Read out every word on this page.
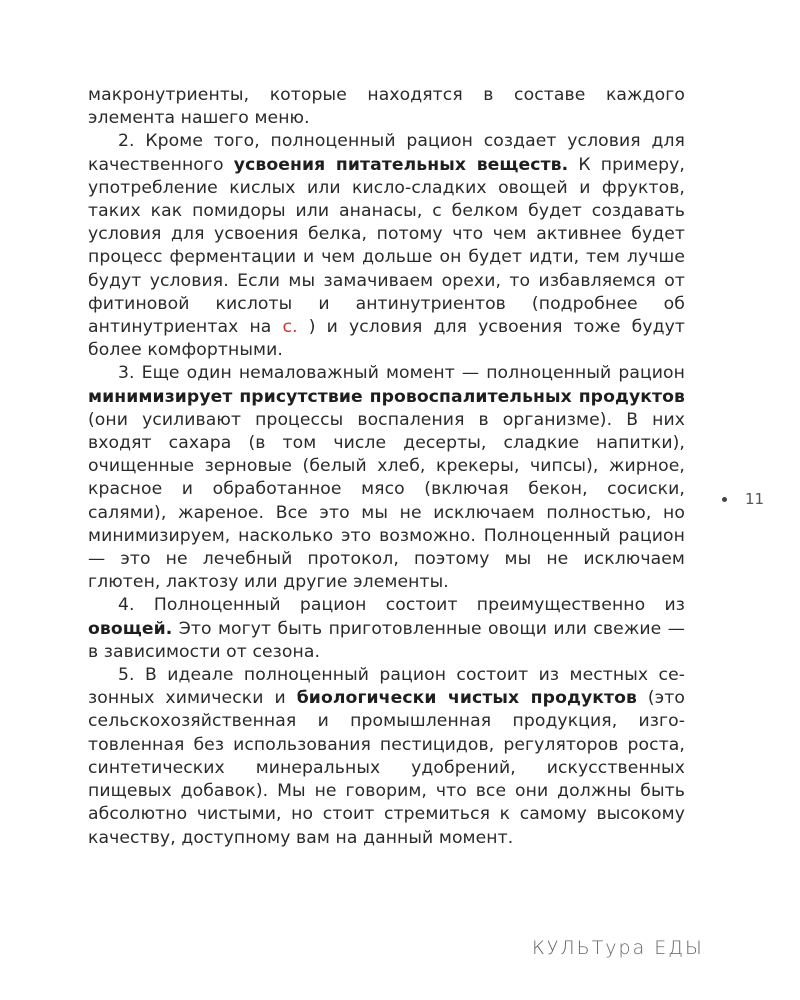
макронутриенты, которые находятся в составе каждого элемента нашего меню.

2. Кроме того, полноценный рацион создает условия для качественного усвоения питательных веществ. К примеру, употребление кислых или кисло-сладких овощей и фруктов, таких как помидоры или ананасы, с белком будет создавать условия для усвоения белка, потому что чем активнее будет процесс ферментации и чем дольше он будет идти, тем лучше будут условия. Если мы замачиваем орехи, то избавляемся от фитиновой кислоты и антинутриентов (подробнее об антинутриентах на с. ) и условия для усвоения тоже будут более комфортными.

3. Еще один немаловажный момент — полноценный рацион минимизирует присутствие провоспалительных продуктов (они усиливают процессы воспаления в организме). В них входят сахара (в том числе десерты, сладкие напитки), очищенные зерновые (белый хлеб, крекеры, чипсы), жирное, красное и обработанное мясо (включая бекон, сосиски, салями), жареное. Все это мы не исключаем полностью, но минимизируем, насколько это возможно. Полноценный рацион — это не лечебный протокол, поэтому мы не исключаем глютен, лактозу или другие элементы.

4. Полноценный рацион состоит преимущественно из овощей. Это могут быть приготовленные овощи или свежие — в зависимости от сезона.

5. В идеале полноценный рацион состоит из местных сезонных химически и биологически чистых продуктов (это сельскохозяйственная и промышленная продукция, изготовленная без использования пестицидов, регуляторов роста, синтетических минеральных удобрений, искусственных пищевых добавок). Мы не говорим, что все они должны быть абсолютно чистыми, но стоит стремиться к самому высокому качеству, доступному вам на данный момент.

11
КУЛЬТура ЕДЫ
